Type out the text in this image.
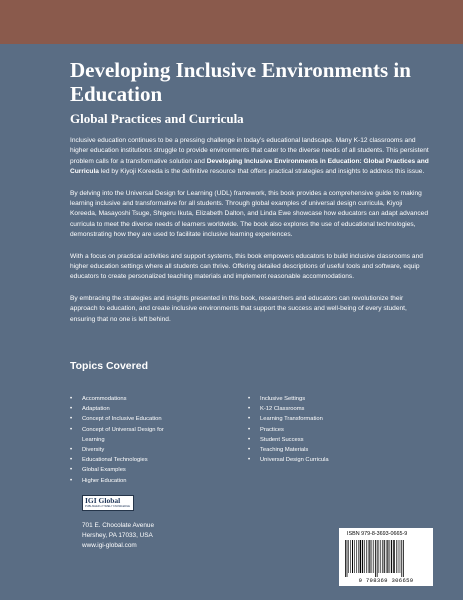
Developing Inclusive Environments in Education
Global Practices and Curricula

Inclusive education continues to be a pressing challenge in today’s educational landscape. Many K-12 classrooms and higher education institutions struggle to provide environments that cater to the diverse needs of all students. This persistent problem calls for a transformative solution and Developing Inclusive Environments in Education: Global Practices and Curricula led by Kiyoji Koreeda is the definitive resource that offers practical strategies and insights to address this issue.

By delving into the Universal Design for Learning (UDL) framework, this book provides a comprehensive guide to making learning inclusive and transformative for all students. Through global examples of universal design curricula, Kiyoji Koreeda, Masayoshi Tsuge, Shigeru Ikuta, Elizabeth Dalton, and Linda Ewe showcase how educators can adapt advanced curricula to meet the diverse needs of learners worldwide. The book also explores the use of educational technologies, demonstrating how they are used to facilitate inclusive learning experiences.

With a focus on practical activities and support systems, this book empowers educators to build inclusive classrooms and higher education settings where all students can thrive. Offering detailed descriptions of useful tools and software, equip educators to create personalized teaching materials and implement reasonable accommodations.

By embracing the strategies and insights presented in this book, researchers and educators can revolutionize their approach to education, and create inclusive environments that support the success and well-being of every student, ensuring that no one is left behind.

Topics Covered
• Accommodations
• Adaptation
• Concept of Inclusive Education
• Concept of Universal Design for Learning
• Diversity
• Educational Technologies
• Global Examples
• Higher Education
• Inclusive Settings
• K-12 Classrooms
• Learning Transformation
• Practices
• Student Success
• Teaching Materials
• Universal Design Curricula
IGI Global
PUBLISHER of TIMELY KNOWLEDGE
701 E. Chocolate Avenue
Hershey, PA 17033, USA
www.igi-global.com
ISBN 979-8-3693-0665-9
9 798369 306659
